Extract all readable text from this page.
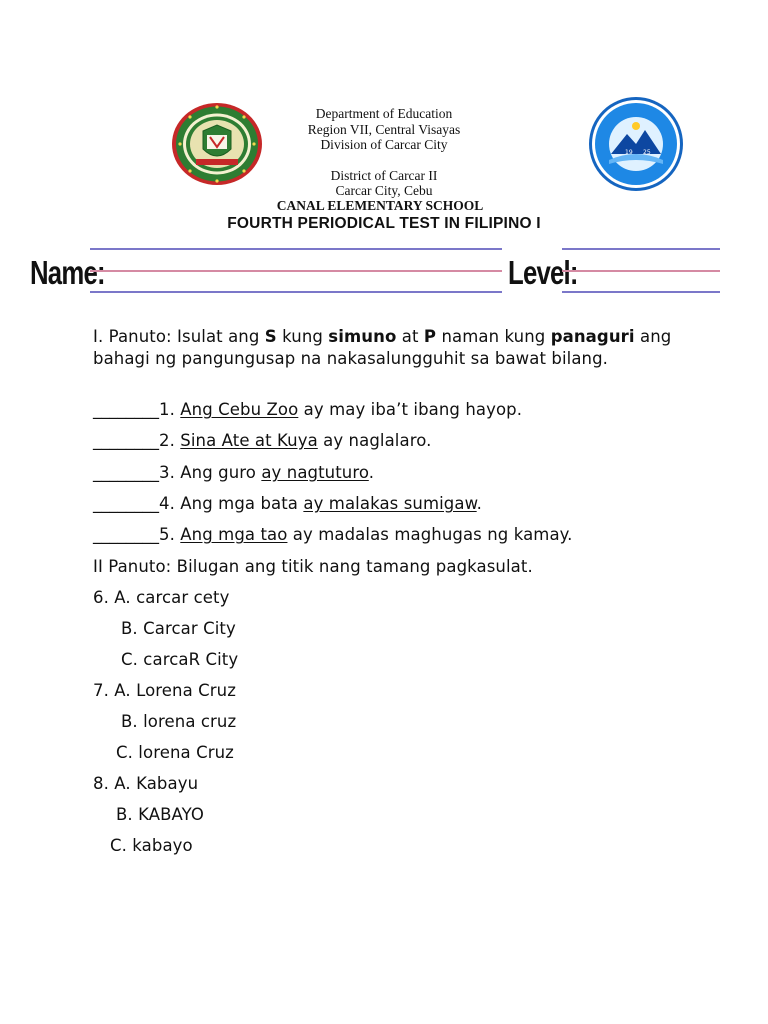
19 25
Department of Education
Region VII, Central Visayas
Division of Carcar City
District of Carcar II
Carcar City, Cebu
CANAL ELEMENTARY SCHOOL
FOURTH PERIODICAL TEST IN FILIPINO I
Name:	Level:
I. Panuto: Isulat ang S kung simuno at P naman kung panaguri ang bahagi ng pangungusap na nakasalungguhit sa bawat bilang.
________1. Ang Cebu Zoo ay may iba’t ibang hayop.
________2. Sina Ate at Kuya ay naglalaro.
________3. Ang guro ay nagtuturo.
________4. Ang mga bata ay malakas sumigaw.
________5. Ang mga tao ay madalas maghugas ng kamay.
II Panuto: Bilugan ang titik nang tamang pagkasulat.
6. A. carcar cety
B. Carcar City
C. carcaR City
7. A. Lorena Cruz
B. lorena cruz
C. lorena Cruz
8. A. Kabayu
B. KABAYO
C. kabayo
